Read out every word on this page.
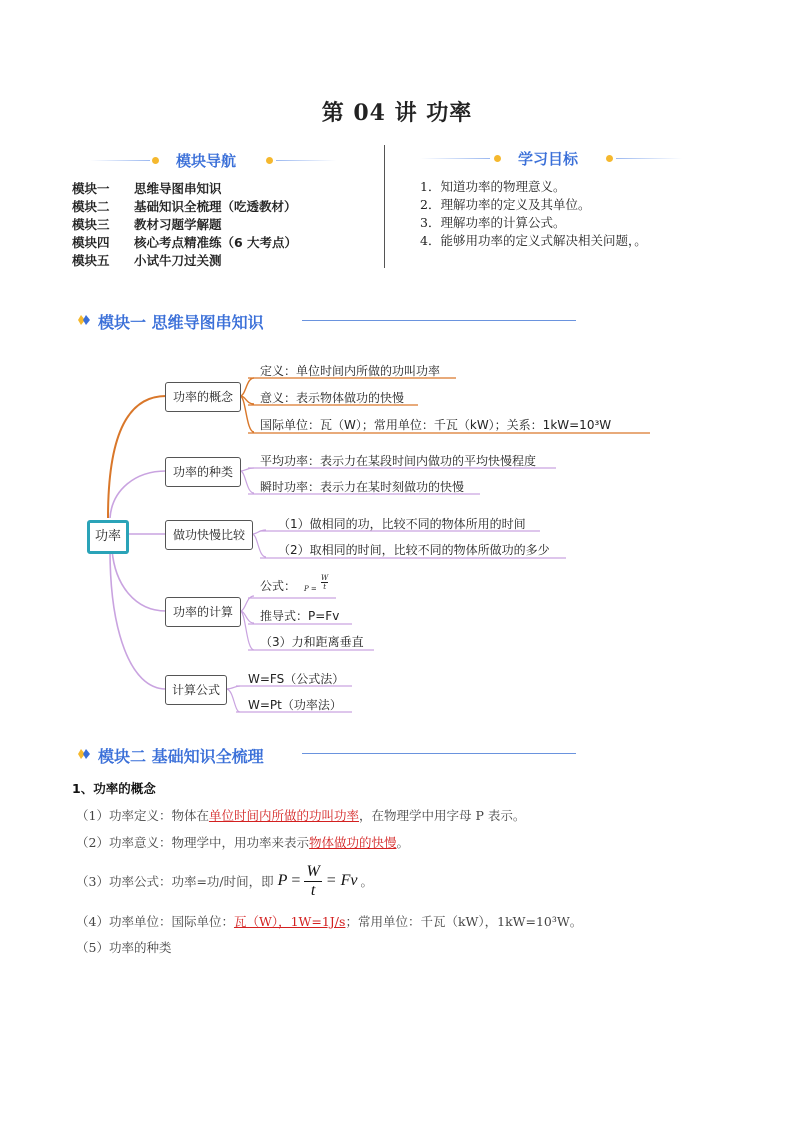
第 04 讲 功率
模块导航	学习目标
模块一 思维导图串知识
模块二 基础知识全梳理（吃透教材）
模块三 教材习题学解题
模块四 核心考点精准练（6 大考点）
模块五 小试牛刀过关测
1．知道功率的物理意义。
2．理解功率的定义及其单位。
3．理解功率的计算公式。
4．能够用功率的定义式解决相关问题，。
模块一 思维导图串知识
功率
功率的概念
功率的种类
做功快慢比较
功率的计算
计算公式
定义：单位时间内所做的功叫功率
意义：表示物体做功的快慢
国际单位：瓦（W）；常用单位：千瓦（kW）；关系：1kW=10³W
平均功率：表示力在某段时间内做功的平均快慢程度
瞬时功率：表示力在某时刻做功的快慢
（1）做相同的功，比较不同的物体所用的时间
（2）取相同的时间，比较不同的物体所做功的多少
公式： $P = \frac{W}{t}$
推导式：P=Fv
（3）力和距离垂直
W=FS（公式法）
W=Pt（功率法）
模块二 基础知识全梳理
1、功率的概念
（1）功率定义：物体在单位时间内所做的功叫功率，在物理学中用字母 P 表示。
（2）功率意义：物理学中，用功率来表示物体做功的快慢。
（3）功率公式：功率=功/时间，即 $P = \frac{W}{t} = Fv$ 。
（4）功率单位：国际单位：瓦（W），1W=1J/s；常用单位：千瓦（kW），1kW=10³W。
（5）功率的种类
